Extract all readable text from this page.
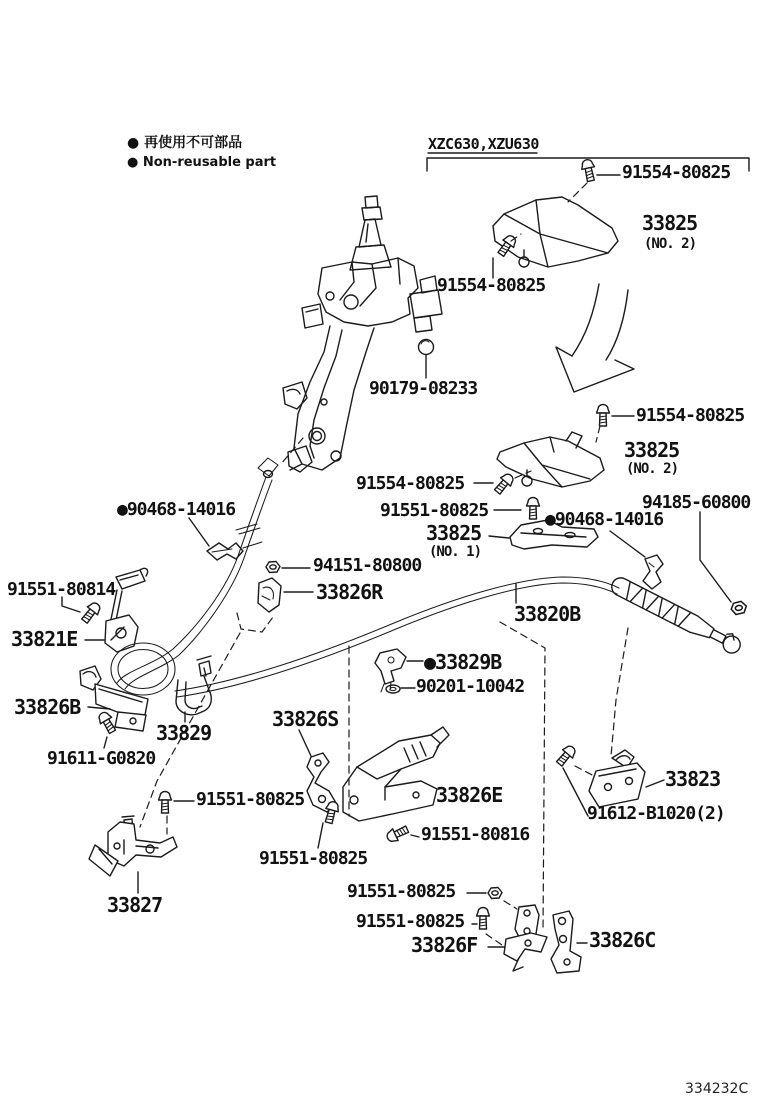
91554-80825
33825
(NO. 2)
91554-80825
90179-08233
91554-80825
33825
(NO. 2)
94185-60800
●90468-14016
91554-80825
91551-80825
33825
(NO. 1)
●90468-14016
94151-80800
33826R
91551-80814
33821E
33820B
●33829B
90201-10042
33826B
33829
91611-G0820
33826S
91551-80825	33826E
91551-80816
91551-80825
33827
91551-80825
91551-80825
33826F	33826C
33823
91612-B1020(2)
● 再使用不可部品
● Non-reusable part
XZC630,XZU630
334232C
